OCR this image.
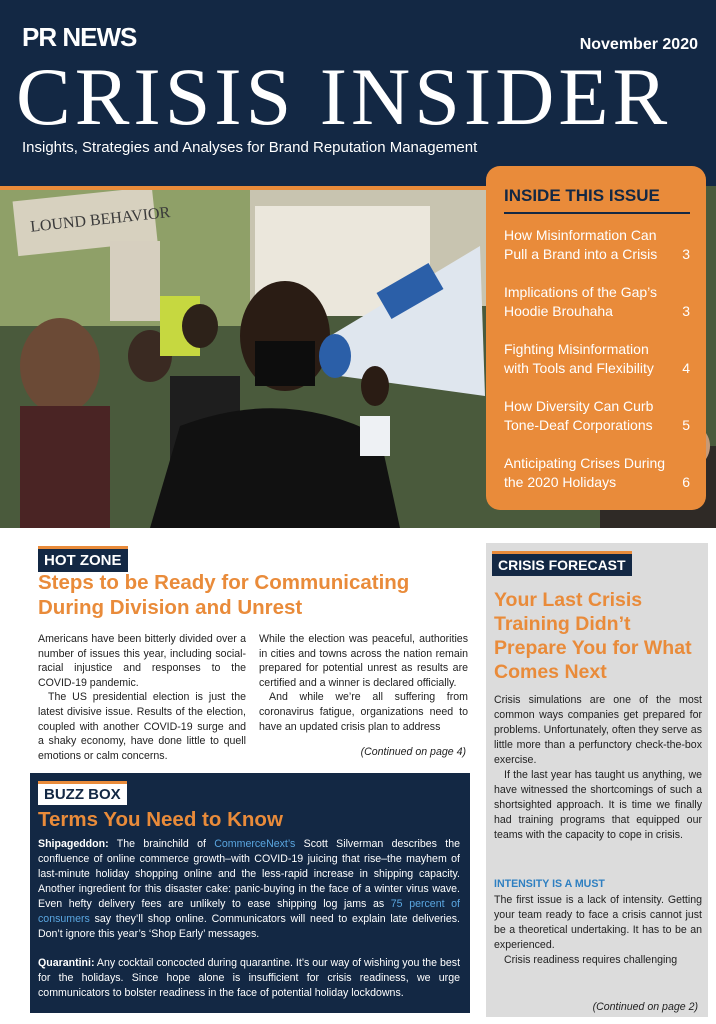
PR NEWS	November 2020
CRISIS INSIDER
Insights, Strategies and Analyses for Brand Reputation Management
LOUND BEHAVIOR
INSIDE THIS ISSUE
How Misinformation Can Pull a Brand into a Crisis	3
Implications of the Gap’s Hoodie Brouhaha	3
Fighting Misinformation with Tools and Flexibility	4
How Diversity Can Curb Tone-Deaf Corporations	5
Anticipating Crises During the 2020 Holidays	6
HOT ZONE
Steps to be Ready for Communicating During Division and Unrest

Americans have been bitterly divided over a number of issues this year, including social-racial injustice and responses to the COVID-19 pandemic.

The US presidential election is just the latest divisive issue. Results of the election, coupled with another COVID-19 surge and a shaky economy, have done little to quell emotions or calm concerns.

While the election was peaceful, authorities in cities and towns across the nation remain prepared for potential unrest as results are certified and a winner is declared officially.

And while we’re all suffering from coronavirus fatigue, organizations need to have an updated crisis plan to address

(Continued on page 4)
BUZZ BOX
Terms You Need to Know

Shipageddon: The brainchild of CommerceNext’s Scott Silverman describes the confluence of online commerce growth–with COVID-19 juicing that rise–the mayhem of last-minute holiday shopping online and the less-rapid increase in shipping capacity. Another ingredient for this disaster cake: panic-buying in the face of a winter virus wave. Even hefty delivery fees are unlikely to ease shipping log jams as 75 percent of consumers say they’ll shop online. Communicators will need to explain late deliveries. Don’t ignore this year’s ‘Shop Early’ messages.

Quarantini: Any cocktail concocted during quarantine. It’s our way of wishing you the best for the holidays. Since hope alone is insufficient for crisis readiness, we urge communicators to bolster readiness in the face of potential holiday lockdowns.

CRISIS FORECAST
Your Last Crisis Training Didn’t Prepare You for What Comes Next

Crisis simulations are one of the most common ways companies get prepared for problems. Unfortunately, often they serve as little more than a perfunctory check-the-box exercise.

If the last year has taught us anything, we have witnessed the shortcomings of such a shortsighted approach. It is time we finally had training programs that equipped our teams with the capacity to cope in crisis.

INTENSITY IS A MUST

The first issue is a lack of intensity. Getting your team ready to face a crisis cannot just be a theoretical undertaking. It has to be an experienced.

Crisis readiness requires challenging

(Continued on page 2)
